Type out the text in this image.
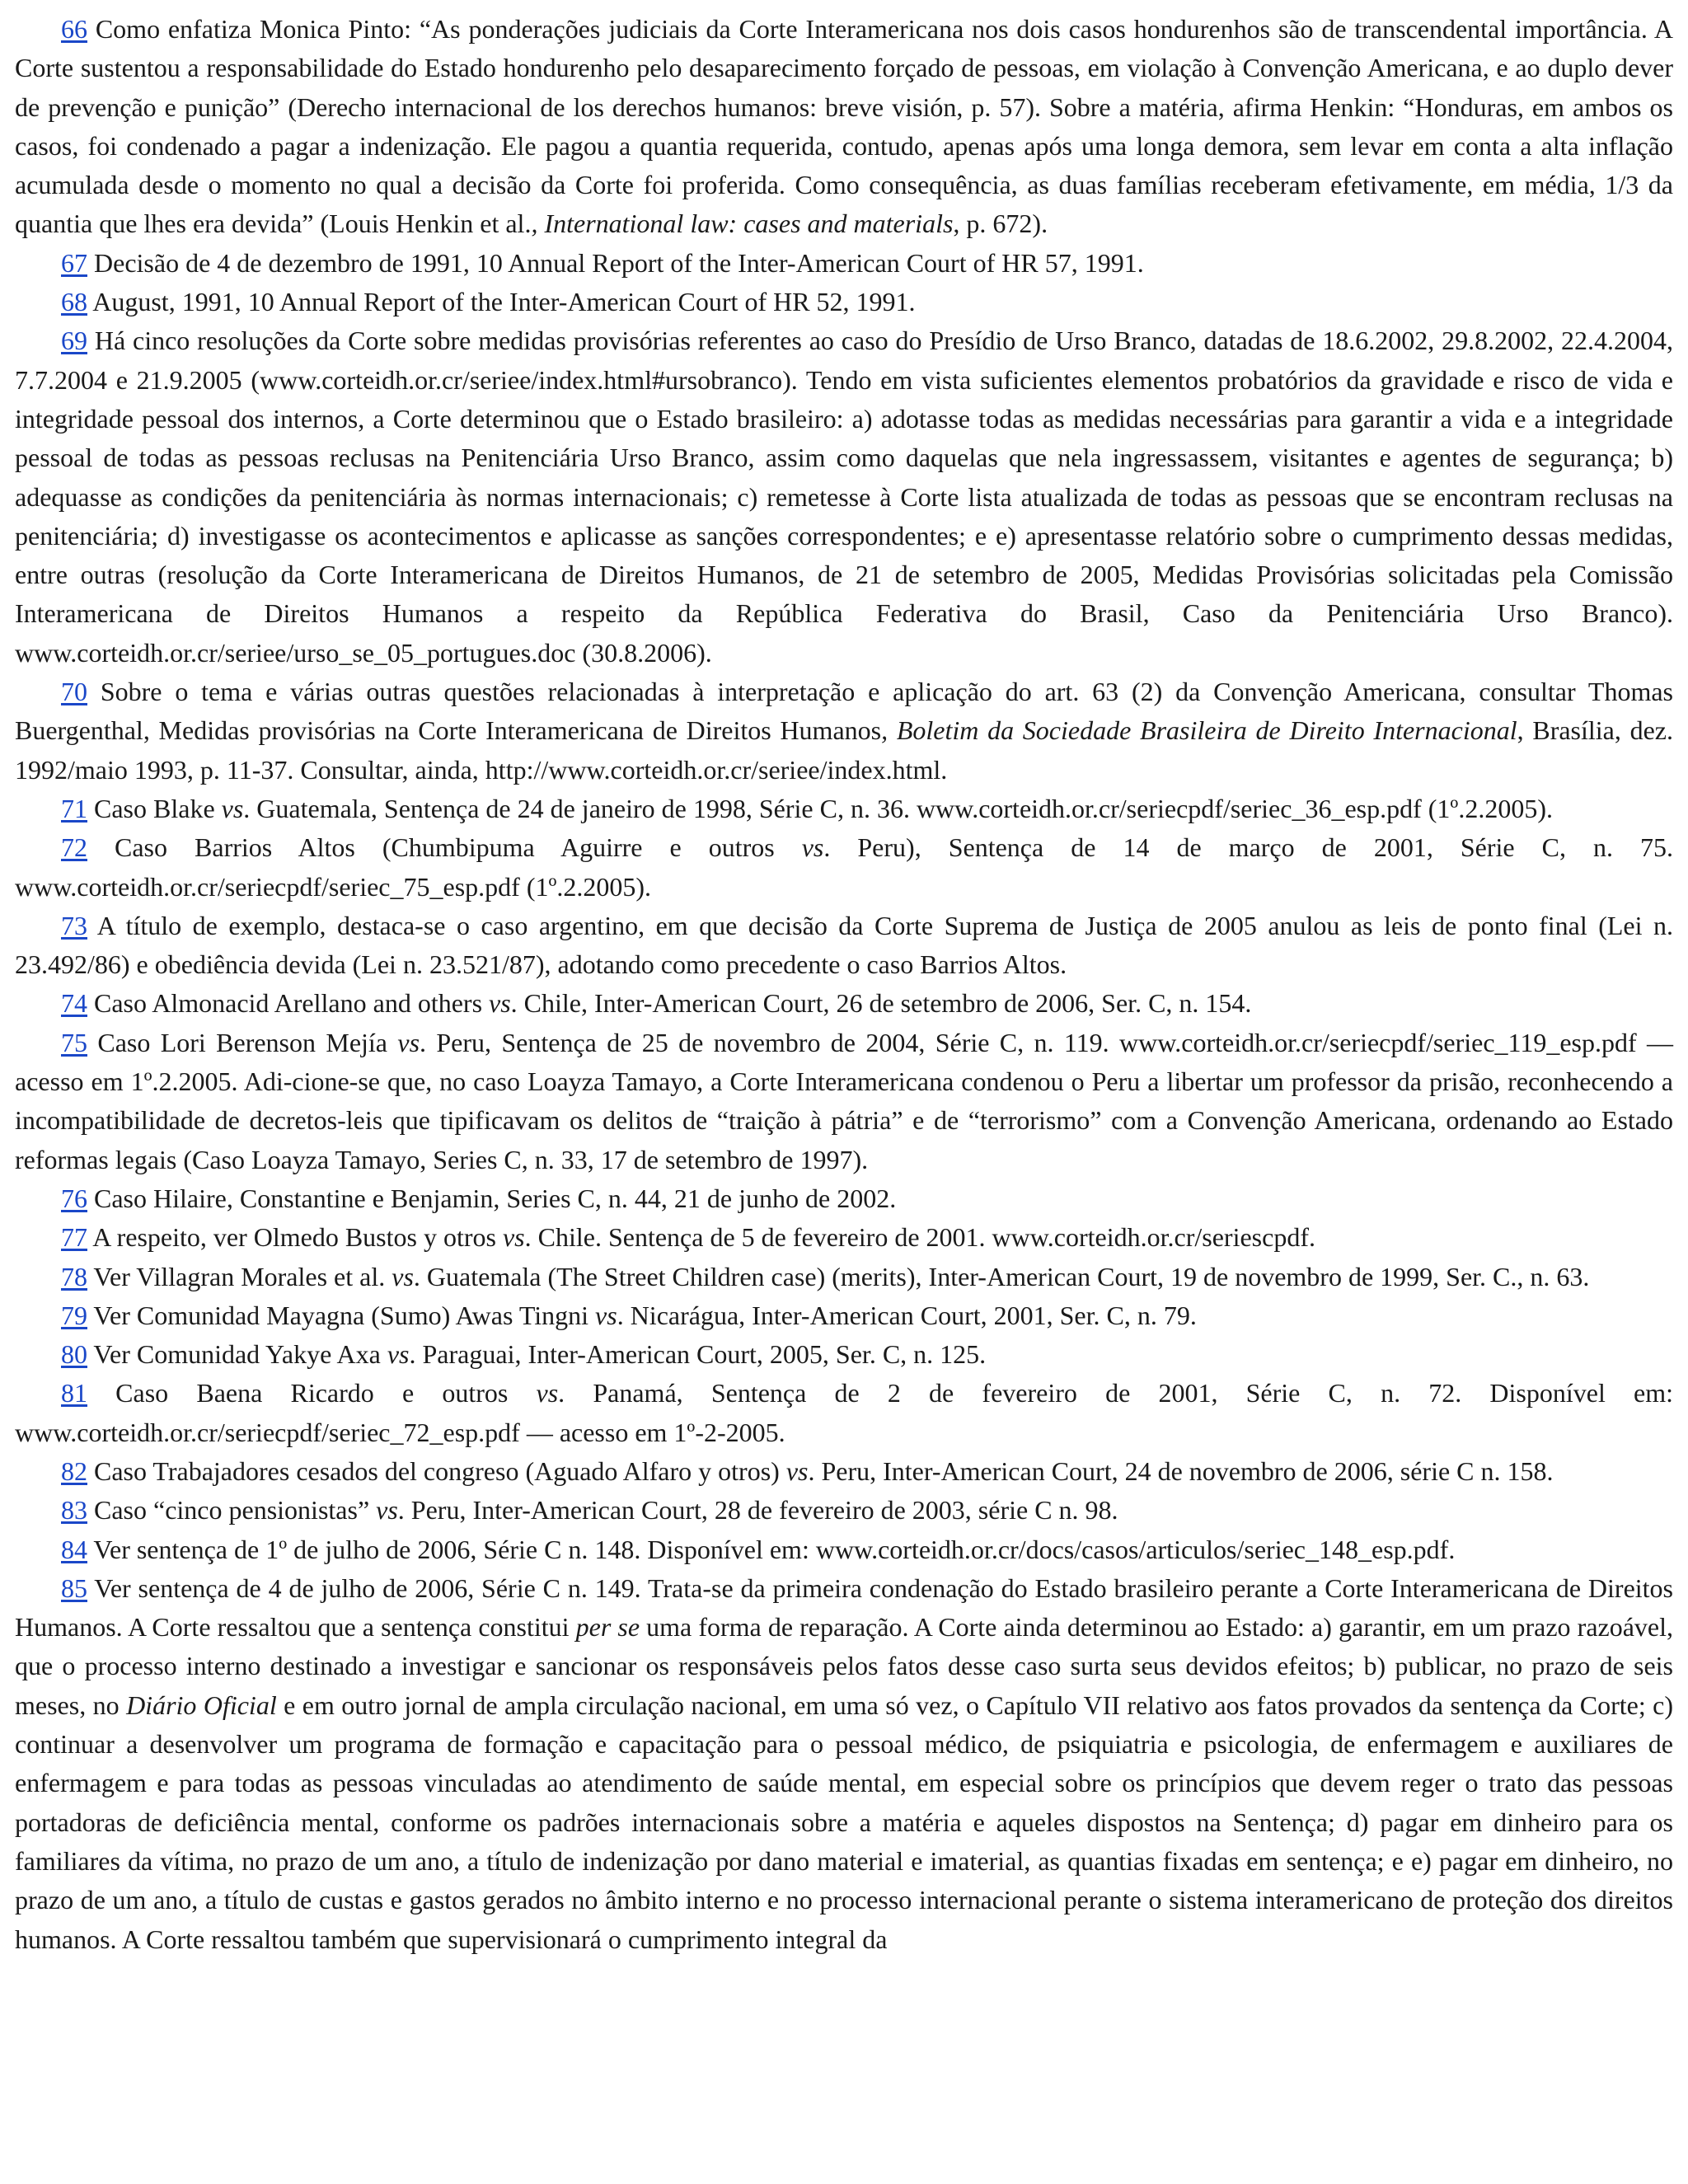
66 Como enfatiza Monica Pinto: “As ponderações judiciais da Corte Interamericana nos dois casos hondurenhos são de transcendental importância. A Corte sustentou a responsabilidade do Estado hondurenho pelo desaparecimento forçado de pessoas, em violação à Convenção Americana, e ao duplo dever de prevenção e punição” (Derecho internacional de los derechos humanos: breve visión, p. 57). Sobre a matéria, afirma Henkin: “Honduras, em ambos os casos, foi condenado a pagar a indenização. Ele pagou a quantia requerida, contudo, apenas após uma longa demora, sem levar em conta a alta inflação acumulada desde o momento no qual a decisão da Corte foi proferida. Como consequência, as duas famílias receberam efetivamente, em média, 1/3 da quantia que lhes era devida” (Louis Henkin et al., International law: cases and materials, p. 672).

67 Decisão de 4 de dezembro de 1991, 10 Annual Report of the Inter-American Court of HR 57, 1991.

68 August, 1991, 10 Annual Report of the Inter-American Court of HR 52, 1991.

69 Há cinco resoluções da Corte sobre medidas provisórias referentes ao caso do Presídio de Urso Branco, datadas de 18.6.2002, 29.8.2002, 22.4.2004, 7.7.2004 e 21.9.2005 (www.corteidh.or.cr/seriee/index.html#ursobranco). Tendo em vista suficientes elementos probatórios da gravidade e risco de vida e integridade pessoal dos internos, a Corte determinou que o Estado brasileiro: a) adotasse todas as medidas necessárias para garantir a vida e a integridade pessoal de todas as pessoas reclusas na Penitenciária Urso Branco, assim como daquelas que nela ingressassem, visitantes e agentes de segurança; b) adequasse as condições da penitenciária às normas internacionais; c) remetesse à Corte lista atualizada de todas as pessoas que se encontram reclusas na penitenciária; d) investigasse os acontecimentos e aplicasse as sanções correspondentes; e e) apresentasse relatório sobre o cumprimento dessas medidas, entre outras (resolução da Corte Interamericana de Direitos Humanos, de 21 de setembro de 2005, Medidas Provisórias solicitadas pela Comissão Interamericana de Direitos Humanos a respeito da República Federativa do Brasil, Caso da Penitenciária Urso Branco). www.corteidh.or.cr/seriee/urso_se_05_portugues.doc (30.8.2006).

70 Sobre o tema e várias outras questões relacionadas à interpretação e aplicação do art. 63 (2) da Convenção Americana, consultar Thomas Buergenthal, Medidas provisórias na Corte Interamericana de Direitos Humanos, Boletim da Sociedade Brasileira de Direito Internacional, Brasília, dez. 1992/maio 1993, p. 11-37. Consultar, ainda, http://www.corteidh.or.cr/seriee/index.html.

71 Caso Blake vs. Guatemala, Sentença de 24 de janeiro de 1998, Série C, n. 36. www.corteidh.or.cr/seriecpdf/seriec_36_esp.pdf (1º.2.2005).

72 Caso Barrios Altos (Chumbipuma Aguirre e outros vs. Peru), Sentença de 14 de março de 2001, Série C, n. 75. www.corteidh.or.cr/seriecpdf/seriec_75_esp.pdf (1º.2.2005).

73 A título de exemplo, destaca-se o caso argentino, em que decisão da Corte Suprema de Justiça de 2005 anulou as leis de ponto final (Lei n. 23.492/86) e obediência devida (Lei n. 23.521/87), adotando como precedente o caso Barrios Altos.

74 Caso Almonacid Arellano and others vs. Chile, Inter-American Court, 26 de setembro de 2006, Ser. C, n. 154.

75 Caso Lori Berenson Mejía vs. Peru, Sentença de 25 de novembro de 2004, Série C, n. 119. www.corteidh.or.cr/seriecpdf/seriec_119_esp.pdf — acesso em 1º.2.2005. Adi-cione-se que, no caso Loayza Tamayo, a Corte Interamericana condenou o Peru a libertar um professor da prisão, reconhecendo a incompatibilidade de decretos-leis que tipificavam os delitos de “traição à pátria” e de “terrorismo” com a Convenção Americana, ordenando ao Estado reformas legais (Caso Loayza Tamayo, Series C, n. 33, 17 de setembro de 1997).

76 Caso Hilaire, Constantine e Benjamin, Series C, n. 44, 21 de junho de 2002.

77 A respeito, ver Olmedo Bustos y otros vs. Chile. Sentença de 5 de fevereiro de 2001. www.corteidh.or.cr/seriescpdf.

78 Ver Villagran Morales et al. vs. Guatemala (The Street Children case) (merits), Inter-American Court, 19 de novembro de 1999, Ser. C., n. 63.

79 Ver Comunidad Mayagna (Sumo) Awas Tingni vs. Nicarágua, Inter-American Court, 2001, Ser. C, n. 79.

80 Ver Comunidad Yakye Axa vs. Paraguai, Inter-American Court, 2005, Ser. C, n. 125.

81 Caso Baena Ricardo e outros vs. Panamá, Sentença de 2 de fevereiro de 2001, Série C, n. 72. Disponível em: www.corteidh.or.cr/seriecpdf/seriec_72_esp.pdf — acesso em 1º-2-2005.

82 Caso Trabajadores cesados del congreso (Aguado Alfaro y otros) vs. Peru, Inter-American Court, 24 de novembro de 2006, série C n. 158.

83 Caso “cinco pensionistas” vs. Peru, Inter-American Court, 28 de fevereiro de 2003, série C n. 98.

84 Ver sentença de 1º de julho de 2006, Série C n. 148. Disponível em: www.corteidh.or.cr/docs/casos/articulos/seriec_148_esp.pdf.

85 Ver sentença de 4 de julho de 2006, Série C n. 149. Trata-se da primeira condenação do Estado brasileiro perante a Corte Interamericana de Direitos Humanos. A Corte ressaltou que a sentença constitui per se uma forma de reparação. A Corte ainda determinou ao Estado: a) garantir, em um prazo razoável, que o processo interno destinado a investigar e sancionar os responsáveis pelos fatos desse caso surta seus devidos efeitos; b) publicar, no prazo de seis meses, no Diário Oficial e em outro jornal de ampla circulação nacional, em uma só vez, o Capítulo VII relativo aos fatos provados da sentença da Corte; c) continuar a desenvolver um programa de formação e capacitação para o pessoal médico, de psiquiatria e psicologia, de enfermagem e auxiliares de enfermagem e para todas as pessoas vinculadas ao atendimento de saúde mental, em especial sobre os princípios que devem reger o trato das pessoas portadoras de deficiência mental, conforme os padrões internacionais sobre a matéria e aqueles dispostos na Sentença; d) pagar em dinheiro para os familiares da vítima, no prazo de um ano, a título de indenização por dano material e imaterial, as quantias fixadas em sentença; e e) pagar em dinheiro, no prazo de um ano, a título de custas e gastos gerados no âmbito interno e no processo internacional perante o sistema interamericano de proteção dos direitos humanos. A Corte ressaltou também que supervisionará o cumprimento integral da
